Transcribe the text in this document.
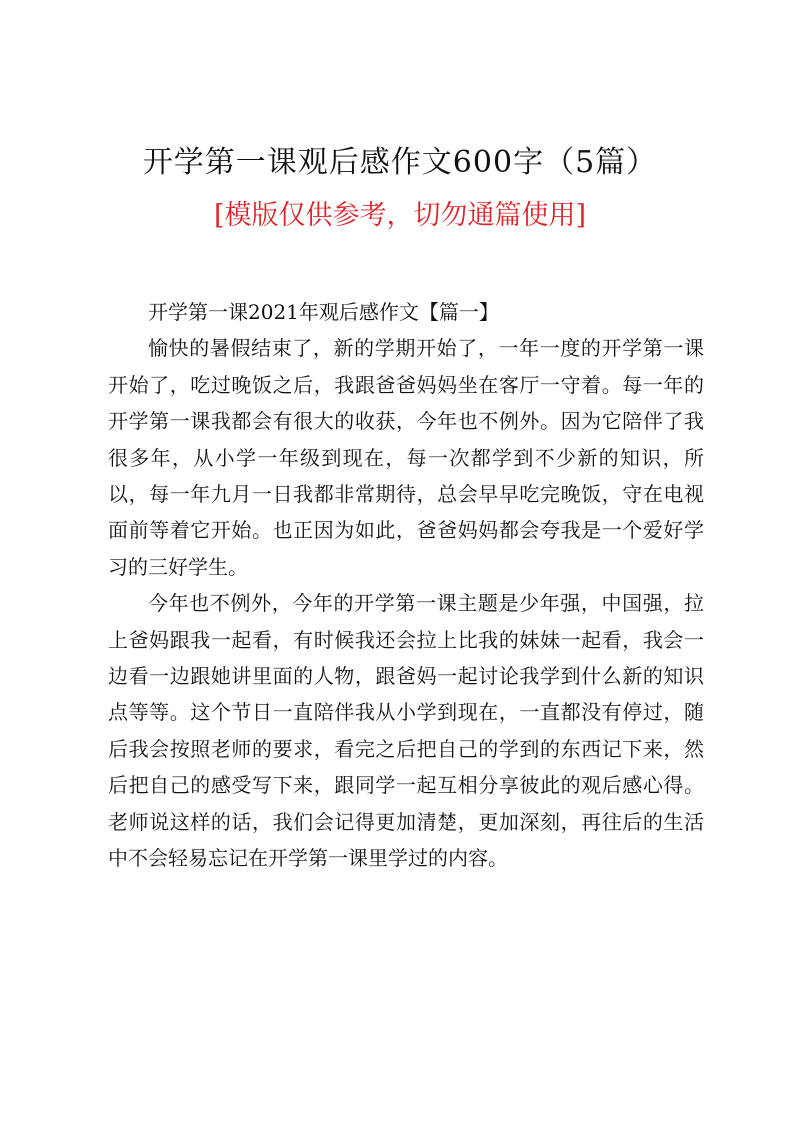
开学第一课观后感作文600字（5篇）
[模版仅供参考，切勿通篇使用]
开学第一课2021年观后感作文【篇一】

愉快的暑假结束了，新的学期开始了，一年一度的开学第一课开始了，吃过晚饭之后，我跟爸爸妈妈坐在客厅一守着。每一年的开学第一课我都会有很大的收获，今年也不例外。因为它陪伴了我很多年，从小学一年级到现在，每一次都学到不少新的知识，所以，每一年九月一日我都非常期待，总会早早吃完晚饭，守在电视面前等着它开始。也正因为如此，爸爸妈妈都会夸我是一个爱好学习的三好学生。

今年也不例外，今年的开学第一课主题是少年强，中国强，拉上爸妈跟我一起看，有时候我还会拉上比我的妹妹一起看，我会一边看一边跟她讲里面的人物，跟爸妈一起讨论我学到什么新的知识点等等。这个节日一直陪伴我从小学到现在，一直都没有停过，随后我会按照老师的要求，看完之后把自己的学到的东西记下来，然后把自己的感受写下来，跟同学一起互相分享彼此的观后感心得。老师说这样的话，我们会记得更加清楚，更加深刻，再往后的生活中不会轻易忘记在开学第一课里学过的内容。
